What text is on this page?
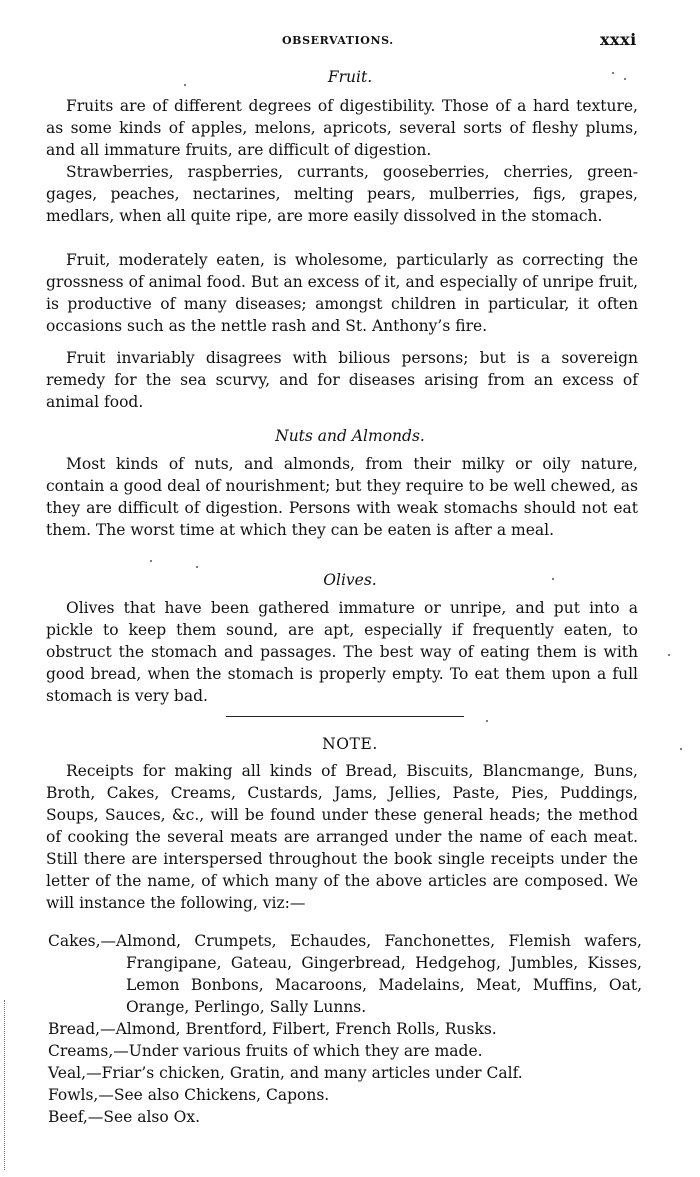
OBSERVATIONS.	xxxi
Fruit.

Fruits are of different degrees of digestibility. Those of a hard texture, as some kinds of apples, melons, apricots, several sorts of fleshy plums, and all immature fruits, are difficult of digestion.

Strawberries, raspberries, currants, gooseberries, cherries, green-gages, peaches, nectarines, melting pears, mulberries, figs, grapes, medlars, when all quite ripe, are more easily dissolved in the stomach.

Fruit, moderately eaten, is wholesome, particularly as correcting the grossness of animal food. But an excess of it, and especially of unripe fruit, is productive of many diseases; amongst children in particular, it often occasions such as the nettle rash and St. Anthony’s fire.

Fruit invariably disagrees with bilious persons; but is a sovereign remedy for the sea scurvy, and for diseases arising from an excess of animal food.

Nuts and Almonds.

Most kinds of nuts, and almonds, from their milky or oily nature, contain a good deal of nourishment; but they require to be well chewed, as they are difficult of digestion. Persons with weak stomachs should not eat them. The worst time at which they can be eaten is after a meal.

Olives.

Olives that have been gathered immature or unripe, and put into a pickle to keep them sound, are apt, especially if frequently eaten, to obstruct the stomach and passages. The best way of eating them is with good bread, when the stomach is properly empty. To eat them upon a full stomach is very bad.

NOTE.

Receipts for making all kinds of Bread, Biscuits, Blancmange, Buns, Broth, Cakes, Creams, Custards, Jams, Jellies, Paste, Pies, Puddings, Soups, Sauces, &c., will be found under these general heads; the method of cooking the several meats are arranged under the name of each meat. Still there are interspersed throughout the book single receipts under the letter of the name, of which many of the above articles are composed. We will instance the following, viz:—

Cakes,—Almond, Crumpets, Echaudes, Fanchonettes, Flemish wafers, Frangipane, Gateau, Gingerbread, Hedgehog, Jumbles, Kisses, Lemon Bonbons, Macaroons, Madelains, Meat, Muffins, Oat, Orange, Perlingo, Sally Lunns.

Bread,—Almond, Brentford, Filbert, French Rolls, Rusks.

Creams,—Under various fruits of which they are made.

Veal,—Friar’s chicken, Gratin, and many articles under Calf.

Fowls,—See also Chickens, Capons.

Beef,—See also Ox.
